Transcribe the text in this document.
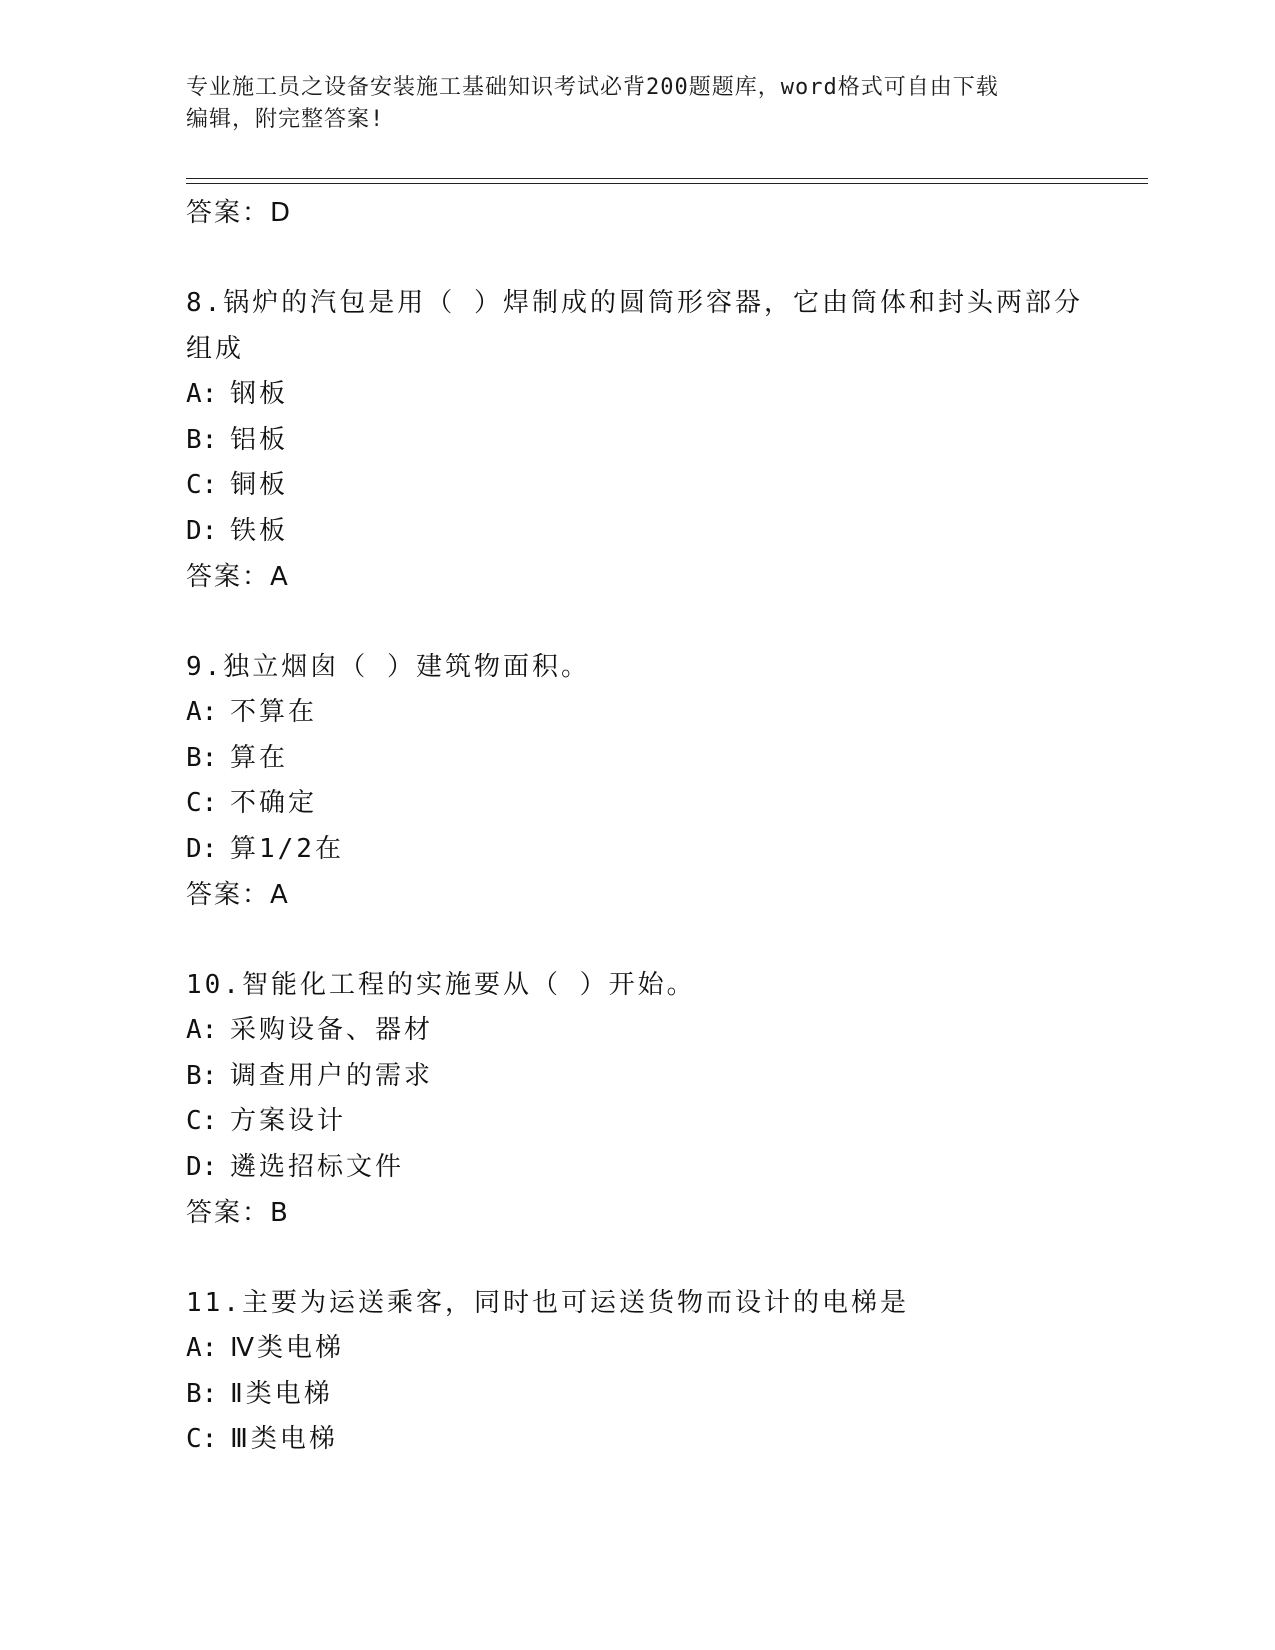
专业施工员之设备安装施工基础知识考试必背200题题库，word格式可自由下载
编辑，附完整答案!
答案：D
8.锅炉的汽包是用（ ）焊制成的圆筒形容器，它由筒体和封头两部分
组成
A: 钢板
B: 铝板
C: 铜板
D: 铁板
答案：A
9.独立烟囱（ ）建筑物面积。
A: 不算在
B: 算在
C: 不确定
D: 算1/2在
答案：A
10.智能化工程的实施要从（ ）开始。
A: 采购设备、器材
B: 调查用户的需求
C: 方案设计
D: 遴选招标文件
答案：B
11.主要为运送乘客，同时也可运送货物而设计的电梯是
A: Ⅳ类电梯
B: Ⅱ类电梯
C: Ⅲ类电梯
